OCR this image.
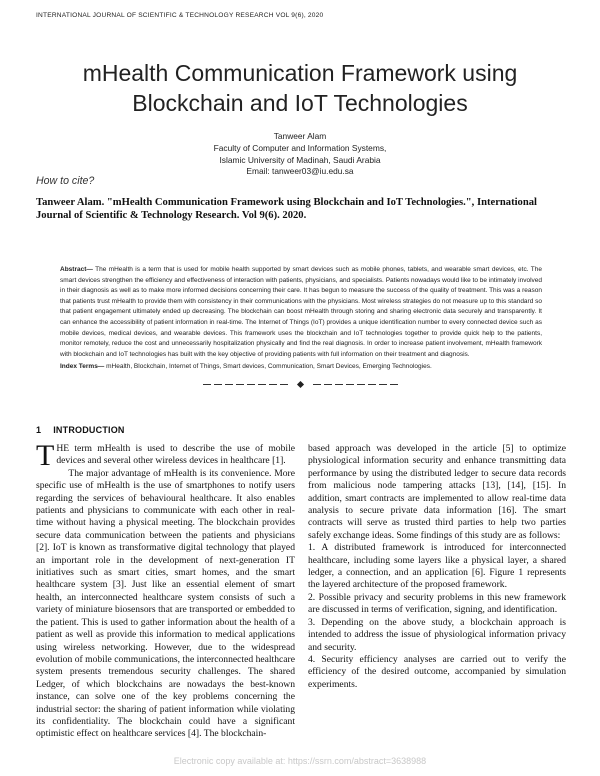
INTERNATIONAL JOURNAL OF SCIENTIFIC & TECHNOLOGY RESEARCH VOL 9(6), 2020
mHealth Communication Framework using
Blockchain and IoT Technologies
Tanweer Alam
Faculty of Computer and Information Systems,
Islamic University of Madinah, Saudi Arabia
Email: tanweer03@iu.edu.sa
How to cite?
Tanweer Alam. "mHealth Communication Framework using Blockchain and IoT Technologies.", International Journal of Scientific & Technology Research. Vol 9(6). 2020.
Abstract— The mHealth is a term that is used for mobile health supported by smart devices such as mobile phones, tablets, and wearable smart devices, etc. The smart devices strengthen the efficiency and effectiveness of interaction with patients, physicians, and specialists. Patients nowadays would like to be intimately involved in their diagnosis as well as to make more informed decisions concerning their care. It has begun to measure the success of the quality of treatment. This was a reason that patients trust mHealth to provide them with consistency in their communications with the physicians. Most wireless strategies do not measure up to this standard so that patient engagement ultimately ended up decreasing. The blockchain can boost mHealth through storing and sharing electronic data securely and transparently. It can enhance the accessibility of patient information in real-time. The Internet of Things (IoT) provides a unique identification number to every connected device such as mobile devices, medical devices, and wearable devices. This framework uses the blockchain and IoT technologies together to provide quick help to the patients, monitor remotely, reduce the cost and unnecessarily hospitalization physically and find the real diagnosis. In order to increase patient involvement, mHealth framework with blockchain and IoT technologies has built with the key objective of providing patients with full information on their treatment and diagnosis.
Index Terms— mHealth, Blockchain, Internet of Things, Smart devices, Communication, Smart Devices, Emerging Technologies.
1 INTRODUCTION

THE term mHealth is used to describe the use of mobile devices and several other wireless devices in healthcare [1].

The major advantage of mHealth is its convenience. More specific use of mHealth is the use of smartphones to notify users regarding the services of behavioural healthcare. It also enables patients and physicians to communicate with each other in real-time without having a physical meeting. The blockchain provides secure data communication between the patients and physicians [2]. IoT is known as transformative digital technology that played an important role in the development of next-generation IT initiatives such as smart cities, smart homes, and the smart healthcare system [3]. Just like an essential element of smart health, an interconnected healthcare system consists of such a variety of miniature biosensors that are transported or embedded to the patient. This is used to gather information about the health of a patient as well as provide this information to medical applications using wireless networking. However, due to the widespread evolution of mobile communications, the interconnected healthcare system presents tremendous security challenges. The shared Ledger, of which blockchains are nowadays the best-known instance, can solve one of the key problems concerning the industrial sector: the sharing of patient information while violating its confidentiality. The blockchain could have a significant optimistic effect on healthcare services [4]. The blockchain-

based approach was developed in the article [5] to optimize physiological information security and enhance transmitting data performance by using the distributed ledger to secure data records from malicious node tampering attacks [13], [14], [15]. In addition, smart contracts are implemented to allow real-time data analysis to secure private data information [16]. The smart contracts will serve as trusted third parties to help two parties safely exchange ideas. Some findings of this study are as follows:

1. A distributed framework is introduced for interconnected healthcare, including some layers like a physical layer, a shared ledger, a connection, and an application [6]. Figure 1 represents the layered architecture of the proposed framework.

2. Possible privacy and security problems in this new framework are discussed in terms of verification, signing, and identification.

3. Depending on the above study, a blockchain approach is intended to address the issue of physiological information privacy and security.

4. Security efficiency analyses are carried out to verify the efficiency of the desired outcome, accompanied by simulation experiments.

Electronic copy available at: https://ssrn.com/abstract=3638988
